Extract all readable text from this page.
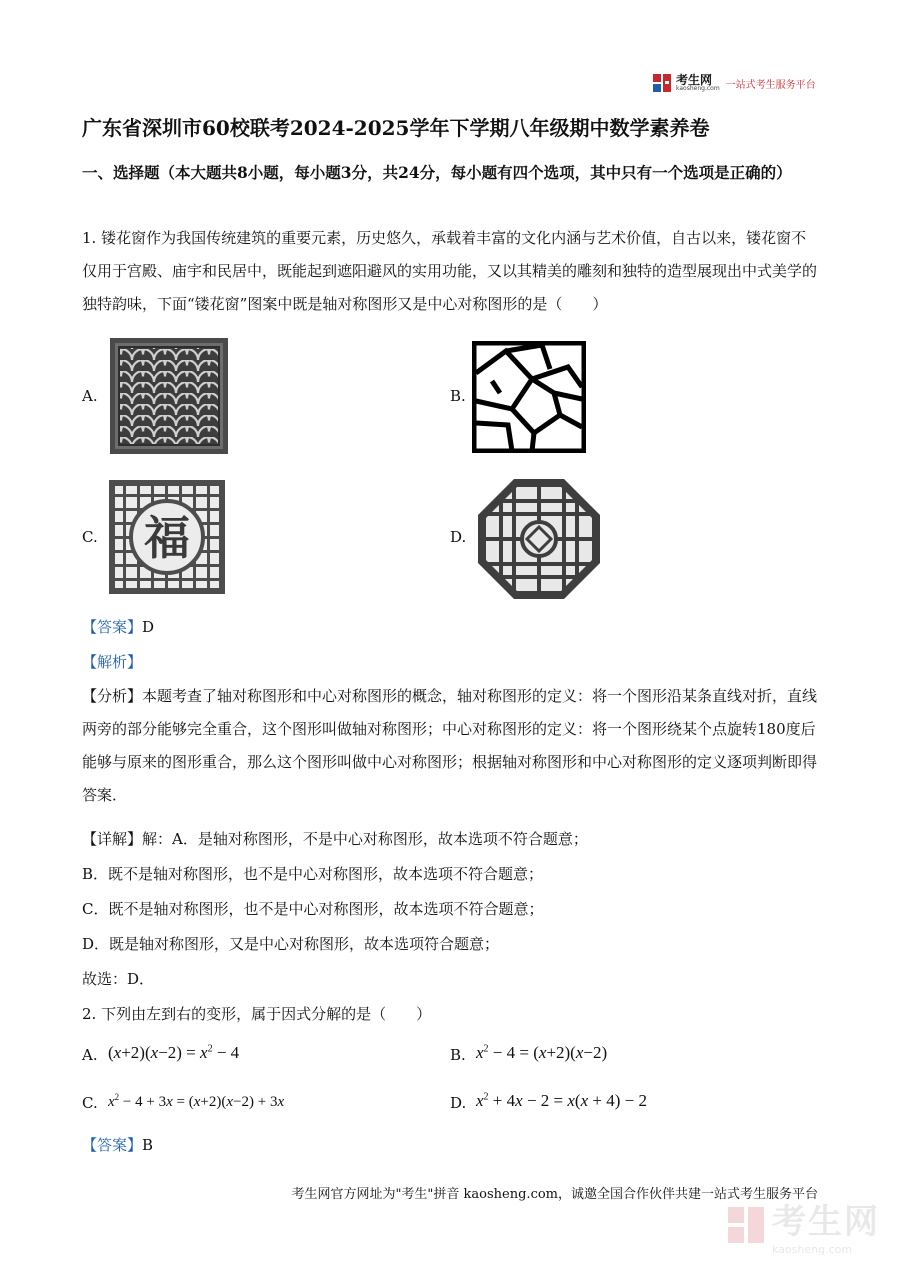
考生网
kaosheng.com 一站式考生服务平台
广东省深圳市60校联考2024-2025学年下学期八年级期中数学素养卷
一、选择题（本大题共8小题，每小题3分，共24分，每小题有四个选项，其中只有一个选项是正确的）
1. 镂花窗作为我国传统建筑的重要元素，历史悠久，承载着丰富的文化内涵与艺术价值，自古以来，镂花窗不仅用于宫殿、庙宇和民居中，既能起到遮阳避风的实用功能，又以其精美的雕刻和独特的造型展现出中式美学的独特韵味，下面“镂花窗”图案中既是轴对称图形又是中心对称图形的是（　　）
A.	B.
C.	D.
福
【答案】D
【解析】
【分析】本题考查了轴对称图形和中心对称图形的概念，轴对称图形的定义：将一个图形沿某条直线对折，直线两旁的部分能够完全重合，这个图形叫做轴对称图形；中心对称图形的定义：将一个图形绕某个点旋转180度后能够与原来的图形重合，那么这个图形叫做中心对称图形；根据轴对称图形和中心对称图形的定义逐项判断即得答案．
【详解】解：A．是轴对称图形，不是中心对称图形，故本选项不符合题意；
B．既不是轴对称图形，也不是中心对称图形，故本选项不符合题意；
C．既不是轴对称图形，也不是中心对称图形，故本选项不符合题意；
D．既是轴对称图形，又是中心对称图形，故本选项符合题意；
故选：D．
2. 下列由左到右的变形，属于因式分解的是（　　）
A. $(x+2)(x-2) = x^2 - 4$	B. $x^2 - 4 = (x+2)(x-2)$
C. $x^2 - 4 + 3x = (x+2)(x-2) + 3x$	D. $x^2 + 4x - 2 = x(x + 4) - 2$
【答案】B
考生网官方网址为"考生"拼音 kaosheng.com，诚邀全国合作伙伴共建一站式考生服务平台
考生网
kaosheng.com
